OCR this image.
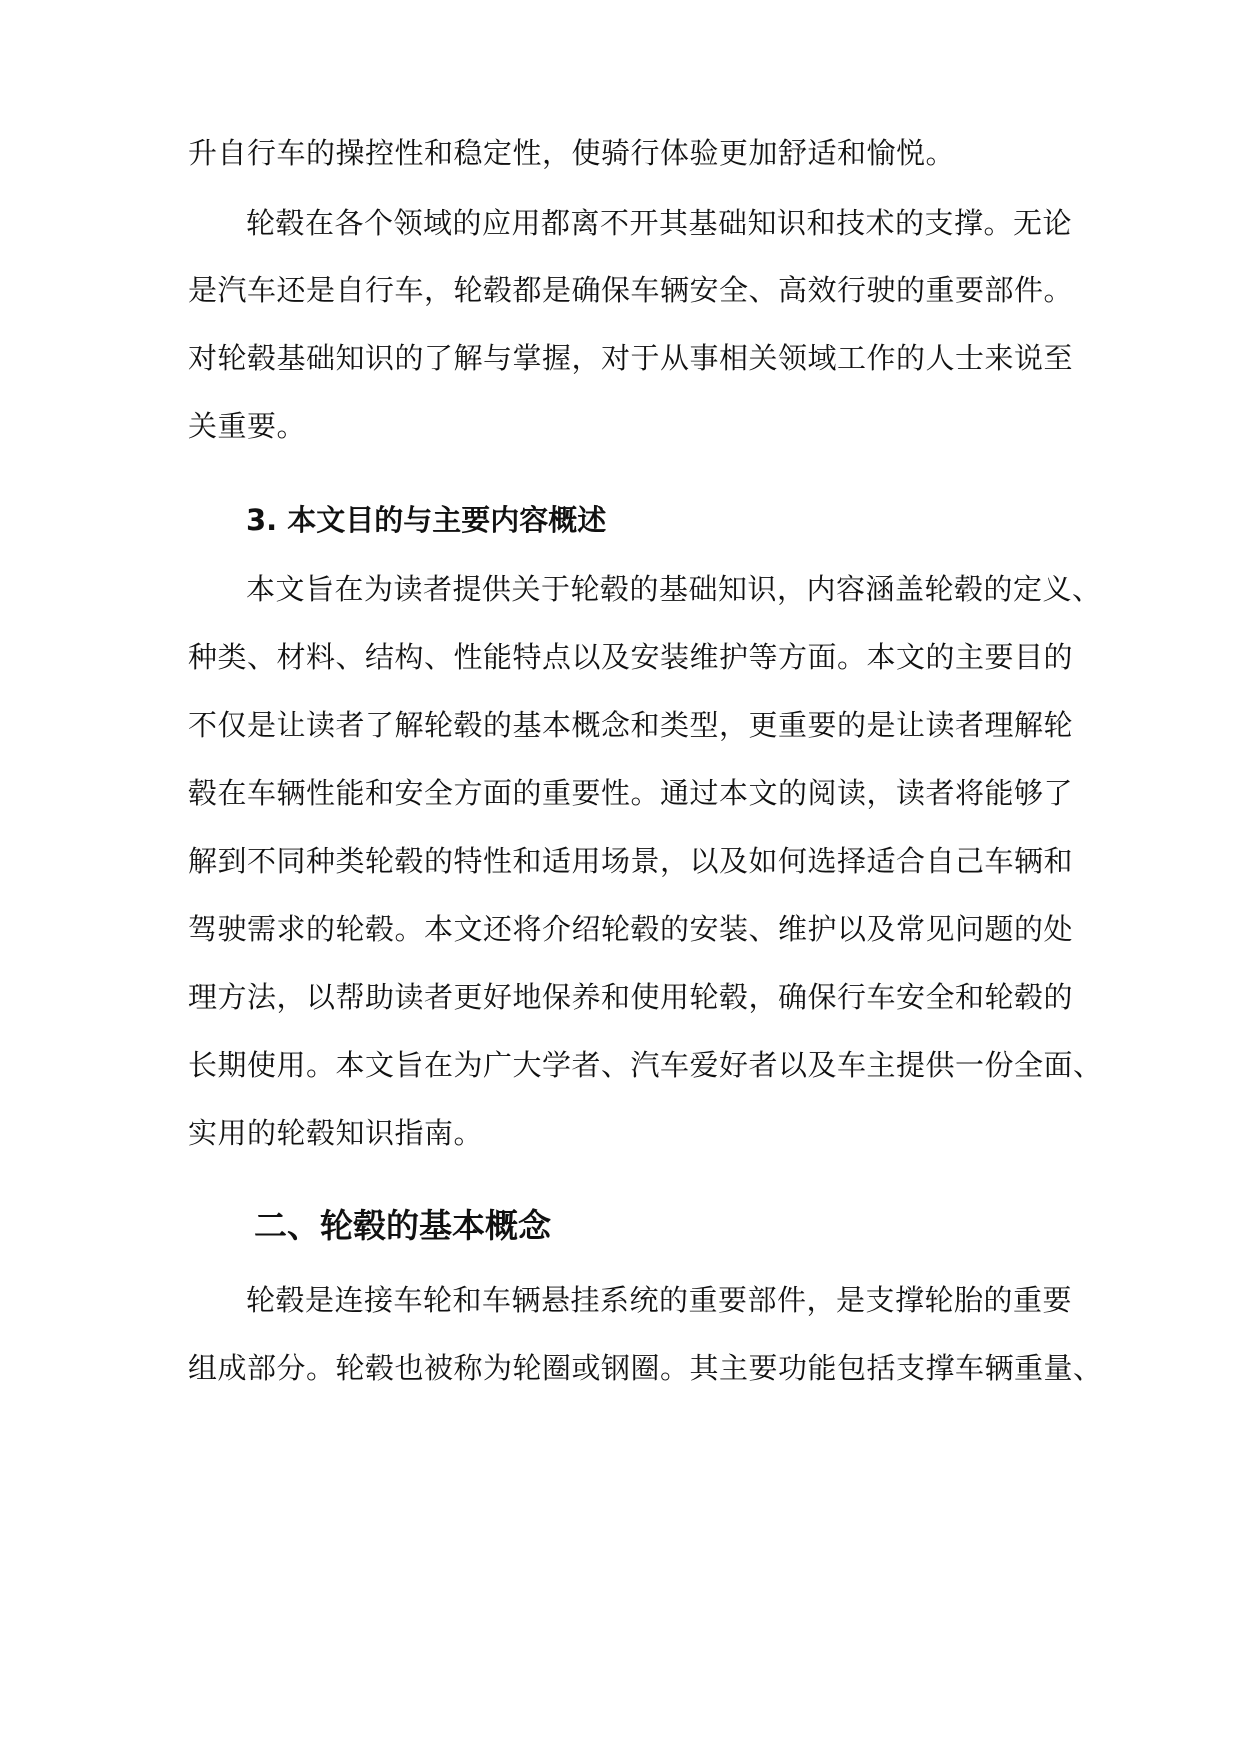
升自行车的操控性和稳定性，使骑行体验更加舒适和愉悦。
轮毂在各个领域的应用都离不开其基础知识和技术的支撑。无论
是汽车还是自行车，轮毂都是确保车辆安全、高效行驶的重要部件。
对轮毂基础知识的了解与掌握，对于从事相关领域工作的人士来说至
关重要。
3. 本文目的与主要内容概述
本文旨在为读者提供关于轮毂的基础知识，内容涵盖轮毂的定义、
种类、材料、结构、性能特点以及安装维护等方面。本文的主要目的
不仅是让读者了解轮毂的基本概念和类型，更重要的是让读者理解轮
毂在车辆性能和安全方面的重要性。通过本文的阅读，读者将能够了
解到不同种类轮毂的特性和适用场景，以及如何选择适合自己车辆和
驾驶需求的轮毂。本文还将介绍轮毂的安装、维护以及常见问题的处
理方法，以帮助读者更好地保养和使用轮毂，确保行车安全和轮毂的
长期使用。本文旨在为广大学者、汽车爱好者以及车主提供一份全面、
实用的轮毂知识指南。
二、轮毂的基本概念
轮毂是连接车轮和车辆悬挂系统的重要部件，是支撑轮胎的重要
组成部分。轮毂也被称为轮圈或钢圈。其主要功能包括支撑车辆重量、
